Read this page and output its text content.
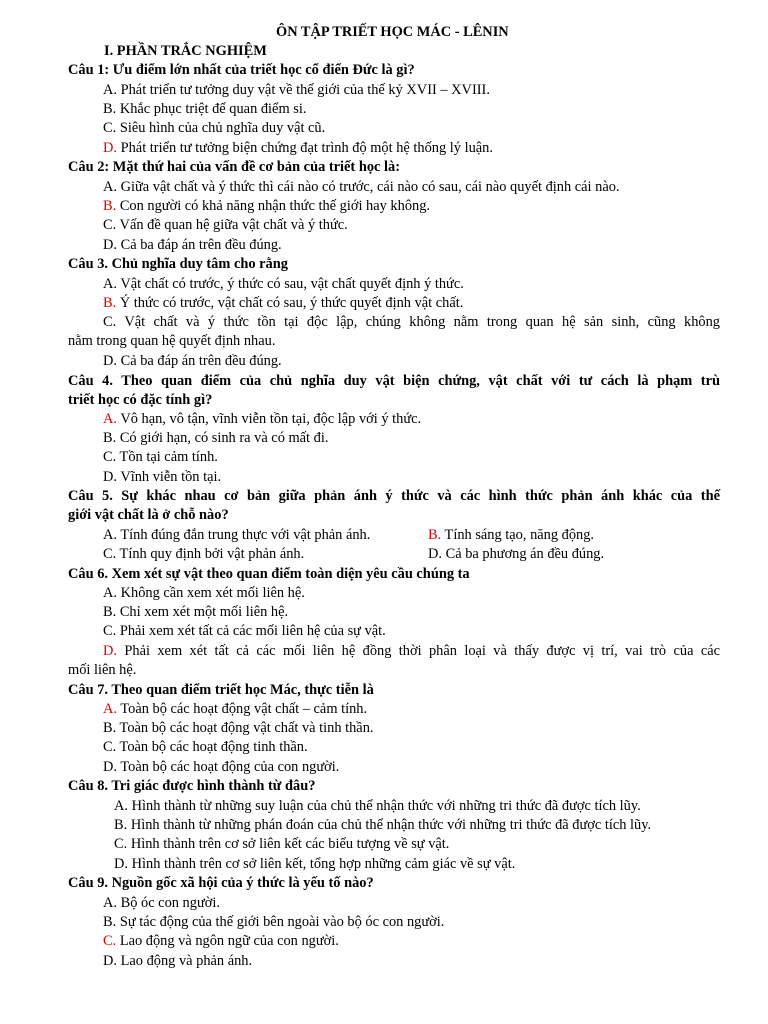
ÔN TẬP TRIẾT HỌC MÁC - LÊNIN
I. PHẦN TRẮC NGHIỆM
Câu 1: Ưu điểm lớn nhất của triết học cổ điển Đức là gì?
A. Phát triển tư tưởng duy vật về thế giới của thế kỷ XVII – XVIII.
B. Khắc phục triệt để quan điểm si.
C. Siêu hình của chủ nghĩa duy vật cũ.
D. Phát triển tư tưởng biện chứng đạt trình độ một hệ thống lý luận.
Câu 2: Mặt thứ hai của vấn đề cơ bản của triết học là:
A. Giữa vật chất và ý thức thì cái nào có trước, cái nào có sau, cái nào quyết định cái nào.
B. Con người có khả năng nhận thức thế giới hay không.
C. Vấn đề quan hệ giữa vật chất và ý thức.
D. Cả ba đáp án trên đều đúng.
Câu 3. Chủ nghĩa duy tâm cho rằng
A. Vật chất có trước, ý thức có sau, vật chất quyết định ý thức.
B. Ý thức có trước, vật chất có sau, ý thức quyết định vật chất.
C. Vật chất và ý thức tồn tại độc lập, chúng không nằm trong quan hệ sản sinh, cũng không
nằm trong quan hệ quyết định nhau.
D. Cả ba đáp án trên đều đúng.
Câu 4. Theo quan điểm của chủ nghĩa duy vật biện chứng, vật chất với tư cách là phạm trù
triết học có đặc tính gì?
A. Vô hạn, vô tận, vĩnh viễn tồn tại, độc lập với ý thức.
B. Có giới hạn, có sinh ra và có mất đi.
C. Tồn tại cảm tính.
D. Vĩnh viễn tồn tại.
Câu 5. Sự khác nhau cơ bản giữa phản ánh ý thức và các hình thức phản ánh khác của thế
giới vật chất là ở chỗ nào?
A. Tính đúng đắn trung thực với vật phản ánh.	B. Tính sáng tạo, năng động.
C. Tính quy định bởi vật phản ánh.	D. Cả ba phương án đều đúng.
Câu 6. Xem xét sự vật theo quan điểm toàn diện yêu cầu chúng ta
A. Không cần xem xét mối liên hệ.
B. Chỉ xem xét một mối liên hệ.
C. Phải xem xét tất cả các mối liên hệ của sự vật.
D. Phải xem xét tất cả các mối liên hệ đồng thời phân loại và thấy được vị trí, vai trò của các
mối liên hệ.
Câu 7. Theo quan điểm triết học Mác, thực tiễn là
A. Toàn bộ các hoạt động vật chất – cảm tính.
B. Toàn bộ các hoạt động vật chất và tinh thần.
C. Toàn bộ các hoạt động tinh thần.
D. Toàn bộ các hoạt động của con người.
Câu 8. Tri giác được hình thành từ đâu?
A. Hình thành từ những suy luận của chủ thể nhận thức với những tri thức đã được tích lũy.
B. Hình thành từ những phán đoán của chủ thể nhận thức với những tri thức đã được tích lũy.
C. Hình thành trên cơ sở liên kết các biểu tượng về sự vật.
D. Hình thành trên cơ sở liên kết, tổng hợp những cảm giác về sự vật.
Câu 9. Nguồn gốc xã hội của ý thức là yếu tố nào?
A. Bộ óc con người.
B. Sự tác động của thế giới bên ngoài vào bộ óc con người.
C. Lao động và ngôn ngữ của con người.
D. Lao động và phản ánh.
